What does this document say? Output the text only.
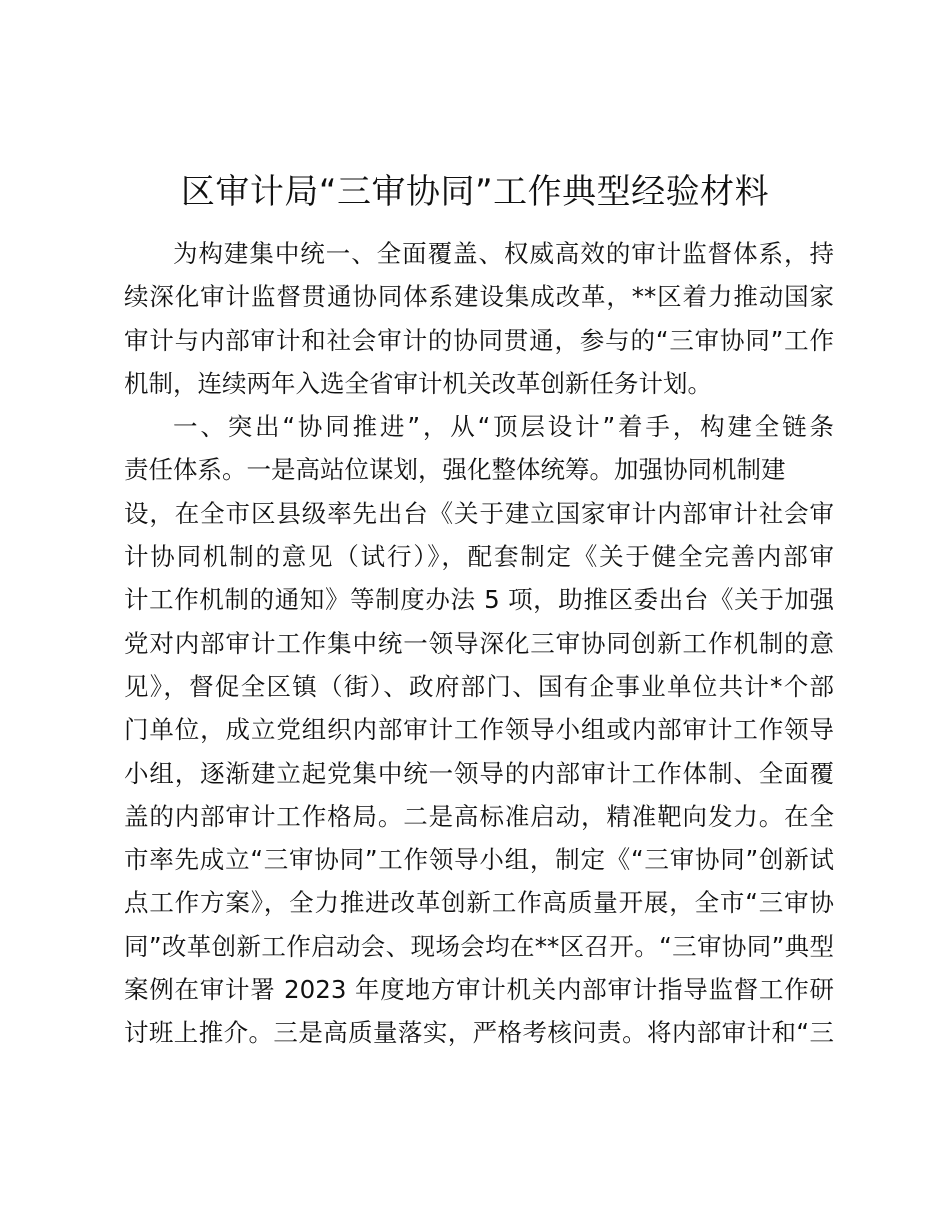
区审计局“三审协同”工作典型经验材料
为构建集中统一、全面覆盖、权威高效的审计监督体系，持
续深化审计监督贯通协同体系建设集成改革，**区着力推动国家
审计与内部审计和社会审计的协同贯通，参与的“三审协同”工作
机制，连续两年入选全省审计机关改革创新任务计划。
一、突出“协同推进”，从“顶层设计”着手，构建全链条
责任体系。一是高站位谋划，强化整体统筹。加强协同机制建
设，在全市区县级率先出台《关于建立国家审计内部审计社会审
计协同机制的意见（试行）》，配套制定《关于健全完善内部审
计工作机制的通知》等制度办法 5 项，助推区委出台《关于加强
党对内部审计工作集中统一领导深化三审协同创新工作机制的意
见》，督促全区镇（街）、政府部门、国有企事业单位共计*个部
门单位，成立党组织内部审计工作领导小组或内部审计工作领导
小组，逐渐建立起党集中统一领导的内部审计工作体制、全面覆
盖的内部审计工作格局。二是高标准启动，精准靶向发力。在全
市率先成立“三审协同”工作领导小组，制定《“三审协同”创新试
点工作方案》，全力推进改革创新工作高质量开展，全市“三审协
同”改革创新工作启动会、现场会均在**区召开。“三审协同”典型
案例在审计署 2023 年度地方审计机关内部审计指导监督工作研
讨班上推介。三是高质量落实，严格考核问责。将内部审计和“三
